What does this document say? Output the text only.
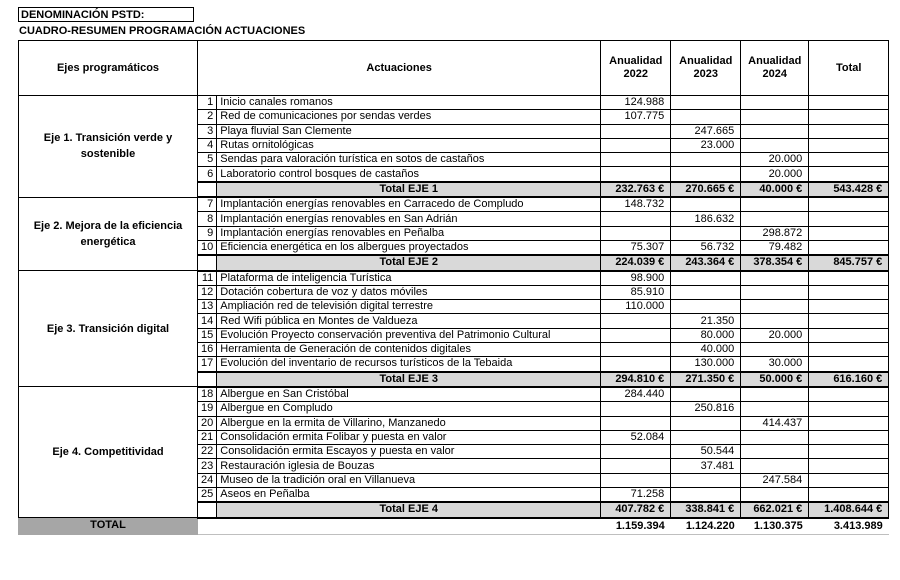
DENOMINACIÓN PSTD:
CUADRO-RESUMEN PROGRAMACIÓN ACTUACIONES
Ejes programáticos	Actuaciones		Anualidad 2022	Anualidad 2023	Anualidad 2024	Total
Eje 1. Transición verde y sostenible	1	Inicio canales romanos	124.988			
	2	Red de comunicaciones por sendas verdes	107.775			
	3	Playa fluvial San Clemente		247.665		
	4	Rutas ornitológicas		23.000		
	5	Sendas para valoración turística en sotos de castaños			20.000	
	6	Laboratorio control bosques de castaños			20.000	
		Total EJE 1	232.763 €	270.665 €	40.000 €	543.428 €
Eje 2. Mejora de la eficiencia energética	7	Implantación energías renovables en Carracedo de Compludo	148.732			
	8	Implantación energías renovables en San Adrián		186.632		
	9	Implantación energías renovables en Peñalba			298.872	
	10	Eficiencia energética en los albergues proyectados	75.307	56.732	79.482	
		Total EJE 2	224.039 €	243.364 €	378.354 €	845.757 €
Eje 3. Transición digital	11	Plataforma de inteligencia Turística	98.900			
	12	Dotación cobertura de voz y datos móviles	85.910			
	13	Ampliación red de televisión digital terrestre	110.000			
	14	Red Wifi pública en Montes de Valdueza		21.350		
	15	Evolución Proyecto conservación preventiva del Patrimonio Cultural		80.000	20.000	
	16	Herramienta de Generación de contenidos digitales		40.000		
	17	Evolución del inventario de recursos turísticos de la Tebaida		130.000	30.000	
		Total EJE 3	294.810 €	271.350 €	50.000 €	616.160 €
Eje 4. Competitividad	18	Albergue en San Cristóbal	284.440			
	19	Albergue en Compludo		250.816		
	20	Albergue en la ermita de Villarino, Manzanedo			414.437	
	21	Consolidación ermita Folibar y puesta en valor	52.084			
	22	Consolidación ermita Escayos y puesta en valor		50.544		
	23	Restauración iglesia de Bouzas		37.481		
	24	Museo de la tradición oral en Villanueva			247.584	
	25	Aseos en Peñalba	71.258			
		Total EJE 4	407.782 €	338.841 €	662.021 €	1.408.644 €
TOTAL			1.159.394	1.124.220	1.130.375	3.413.989
